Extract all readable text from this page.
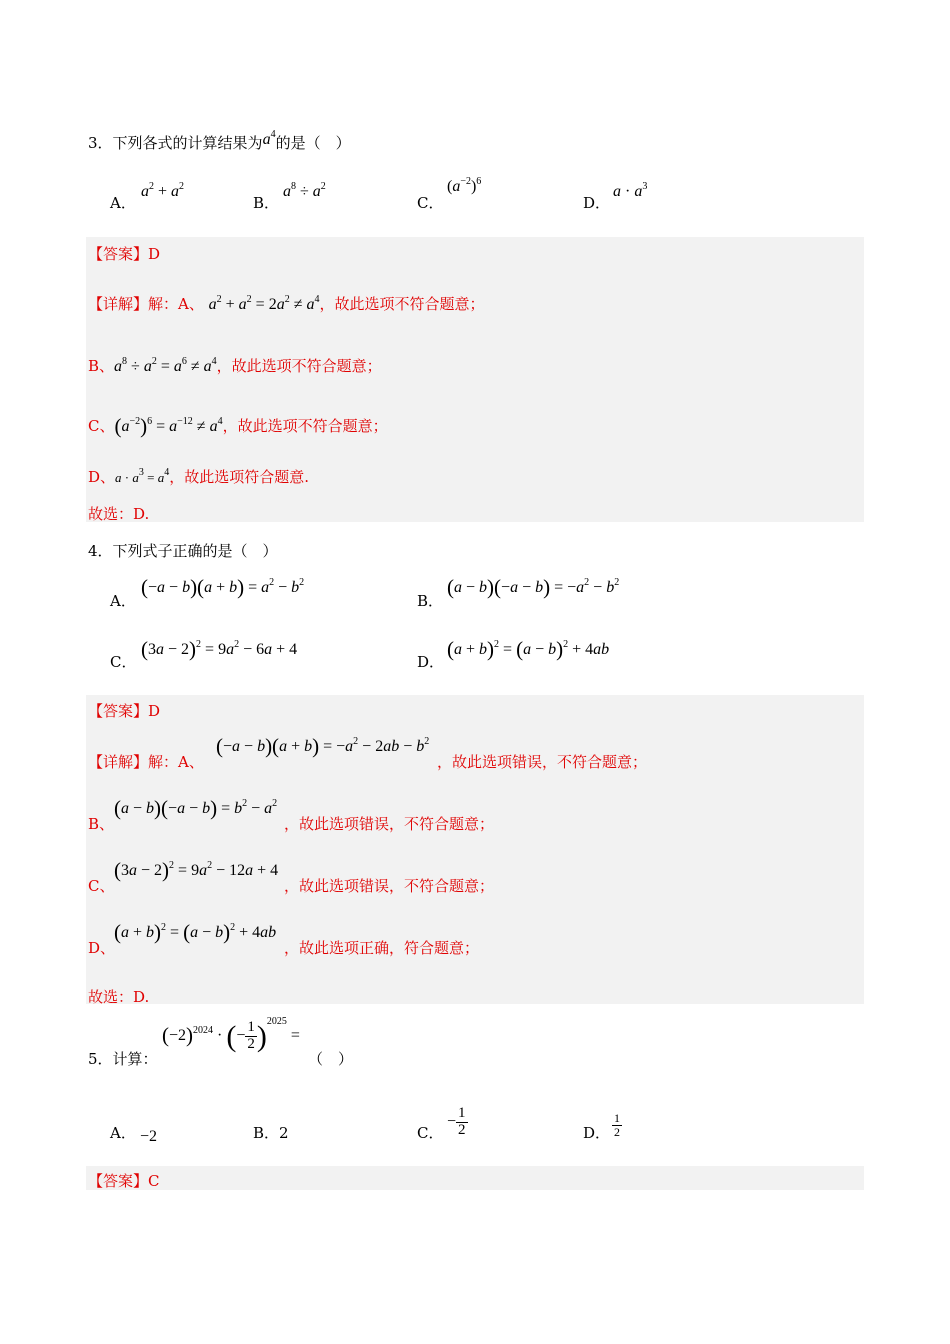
3．下列各式的计算结果为$a^4$的是（　）
A．
$a^2 + a^2$
B．
$a^8 \div a^2$
C．
$(a^{-2})^6$
D．
$a \cdot a^3$
【答案】D
【详解】解：A、 $a^2 + a^2 = 2a^2 \ne a^4$，故此选项不符合题意；
B、$a^8 \div a^2 = a^6 \ne a^4$，故此选项不符合题意；
C、$(a^{-2})^6 = a^{-12} \ne a^4$，故此选项不符合题意；
D、$a \cdot a^3 = a^4$，故此选项符合题意.
故选：D.
4．下列式子正确的是（　）
A．
$(-a - b)(a + b) = a^2 - b^2$
B．
$(a - b)(-a - b) = -a^2 - b^2$
C．
$(3a - 2)^2 = 9a^2 - 6a + 4$
D．
$(a + b)^2 = (a - b)^2 + 4ab$
【答案】D
【详解】解：A、
$(-a - b)(a + b) = -a^2 - 2ab - b^2$
，故此选项错误，不符合题意；
B、
$(a - b)(-a - b) = b^2 - a^2$
，故此选项错误，不符合题意；
C、
$(3a - 2)^2 = 9a^2 - 12a + 4$
，故此选项错误，不符合题意；
D、
$(a + b)^2 = (a - b)^2 + 4ab$
，故此选项正确，符合题意；
故选：D.
5．计算：
$(-2)^{2024}$ · (− $\frac{1}{2} )^{2025}$ =
（　）
A． −2	B．2	C．
− $\frac{1}{2}$	D． $\frac{1}{2}$
【答案】C
